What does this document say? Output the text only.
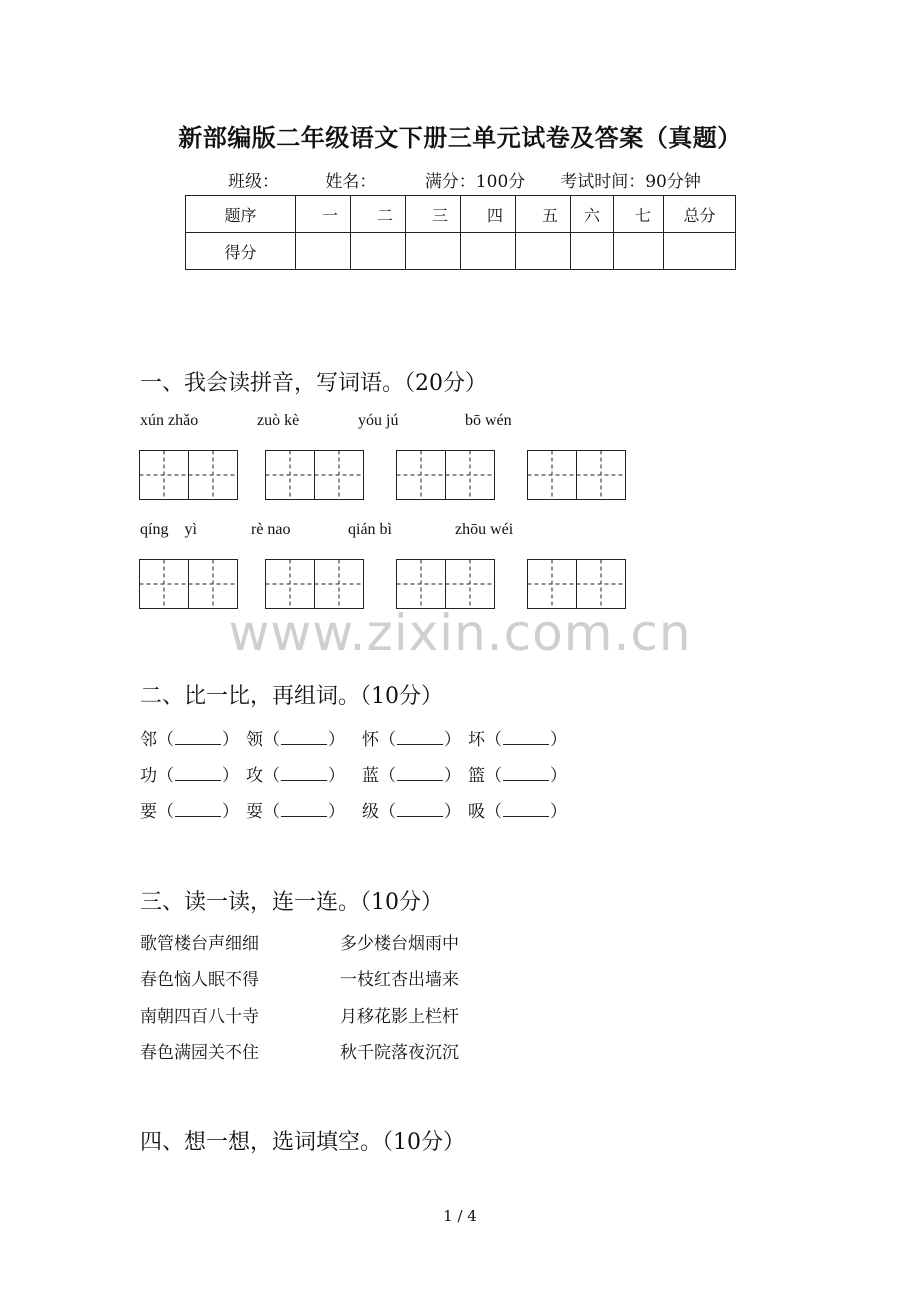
新部编版二年级语文下册三单元试卷及答案（真题）
班级：	姓名：	满分：100分 考试时间：90分钟
题序	一	二	三	四	五	六	七	总分
得分								
一、我会读拼音，写词语。（20分）
xún zhǎo	zuò kè	yóu jú	bō wén
qíng    yì	rè nao	qián bì	zhōu wéi
www.zixin.com.cn
二、比一比，再组词。（10分）
邻（	） 领（	） 怀（	） 坏（	）
功（	） 攻（	） 蓝（	） 篮（	）
要（	） 耍（	） 级（	） 吸（	）
三、读一读，连一连。（10分）
歌管楼台声细细	多少楼台烟雨中
春色恼人眠不得	一枝红杏出墙来
南朝四百八十寺	月移花影上栏杆
春色满园关不住	秋千院落夜沉沉
四、想一想，选词填空。（10分）
1 / 4
